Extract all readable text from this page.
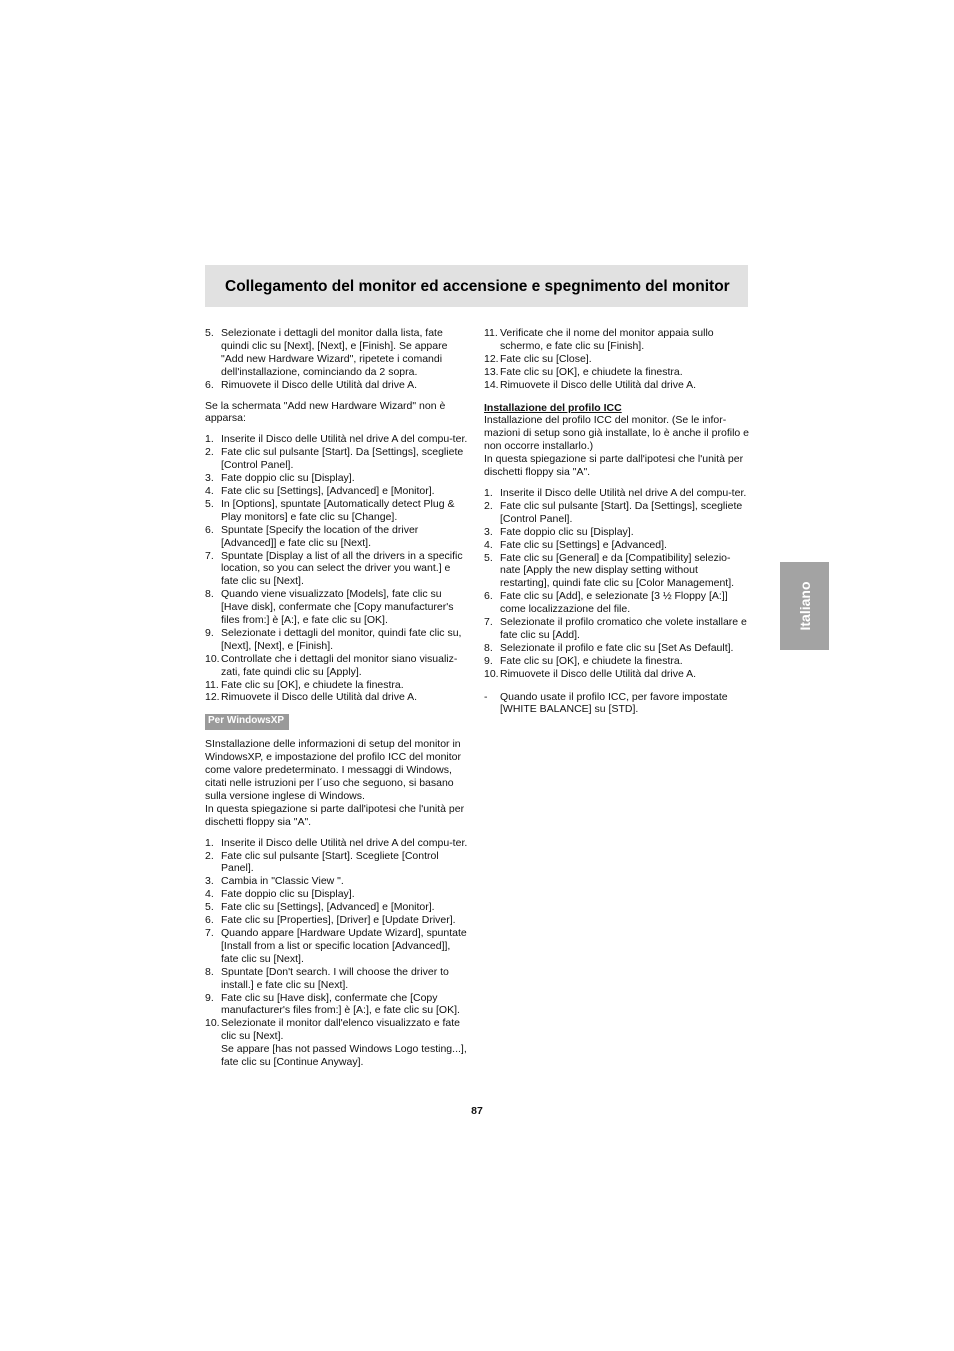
Collegamento del monitor ed accensione e spegnimento del monitor
5. Selezionate i dettagli del monitor dalla lista, fate quindi clic su [Next], [Next], e [Finish]. Se appare "Add new Hardware Wizard", ripetete i comandi dell'installazione, cominciando da 2 sopra.
6. Rimuovete il Disco delle Utilità dal drive A.

Se la schermata "Add new Hardware Wizard" non è apparsa:

1. Inserite il Disco delle Utilità nel drive A del compu-ter.
2. Fate clic sul pulsante [Start]. Da [Settings], scegliete [Control Panel].
3. Fate doppio clic su [Display].
4. Fate clic su [Settings], [Advanced] e [Monitor].
5. In [Options], spuntate [Automatically detect Plug & Play monitors] e fate clic su [Change].
6. Spuntate [Specify the location of the driver [Advanced]] e fate clic su [Next].
7. Spuntate [Display a list of all the drivers in a specific location, so you can select the driver you want.] e fate clic su [Next].
8. Quando viene visualizzato [Models], fate clic su [Have disk], confermate che [Copy manufacturer's files from:] è [A:], e fate clic su [OK].
9. Selezionate i dettagli del monitor, quindi fate clic su, [Next], [Next], e [Finish].
10. Controllate che i dettagli del monitor siano visualiz-zati, fate quindi clic su [Apply].
11. Fate clic su [OK], e chiudete la finestra.
12. Rimuovete il Disco delle Utilità dal drive A.
Per WindowsXP

SInstallazione delle informazioni di setup del monitor in WindowsXP, e impostazione del profilo ICC del monitor come valore predeterminato. I messaggi di Windows, citati nelle istruzioni per l´uso che seguono, si basano sulla versione inglese di Windows.

In questa spiegazione si parte dall'ipotesi che l'unità per dischetti floppy sia "A".

1. Inserite il Disco delle Utilità nel drive A del compu-ter.
2. Fate clic sul pulsante [Start]. Scegliete [Control Panel].
3. Cambia in "Classic View ".
4. Fate doppio clic su [Display].
5. Fate clic su [Settings], [Advanced] e [Monitor].
6. Fate clic su [Properties], [Driver] e [Update Driver].
7. Quando appare [Hardware Update Wizard], spuntate [Install from a list or specific location [Advanced]], fate clic su [Next].
8. Spuntate [Don't search. I will choose the driver to install.] e fate clic su [Next].
9. Fate clic su [Have disk], confermate che [Copy manufacturer's files from:] è [A:], e fate clic su [OK].
10. Selezionate il monitor dall'elenco visualizzato e fate clic su [Next].
Se appare [has not passed Windows Logo testing...], fate clic su [Continue Anyway].
11. Verificate che il nome del monitor appaia sullo schermo, e fate clic su [Finish].
12. Fate clic su [Close].
13. Fate clic su [OK], e chiudete la finestra.
14. Rimuovete il Disco delle Utilità dal drive A.

Installazione del profilo ICC

Installazione del profilo ICC del monitor. (Se le infor-mazioni di setup sono già installate, lo è anche il profilo e non occorre installarlo.)

In questa spiegazione si parte dall'ipotesi che l'unità per dischetti floppy sia "A".

1. Inserite il Disco delle Utilità nel drive A del compu-ter.
2. Fate clic sul pulsante [Start]. Da [Settings], scegliete [Control Panel].
3. Fate doppio clic su [Display].
4. Fate clic su [Settings] e [Advanced].
5. Fate clic su [General] e da [Compatibility] selezio-nate [Apply the new display setting without restarting], quindi fate clic su [Color Management].
6. Fate clic su [Add], e selezionate [3 ½ Floppy [A:]] come localizzazione del file.
7. Selezionate il profilo cromatico che volete installare e fate clic su [Add].
8. Selezionate il profilo e fate clic su [Set As Default].
9. Fate clic su [OK], e chiudete la finestra.
10. Rimuovete il Disco delle Utilità dal drive A.
- Quando usate il profilo ICC, per favore impostate [WHITE BALANCE] su [STD].
Italiano
87
